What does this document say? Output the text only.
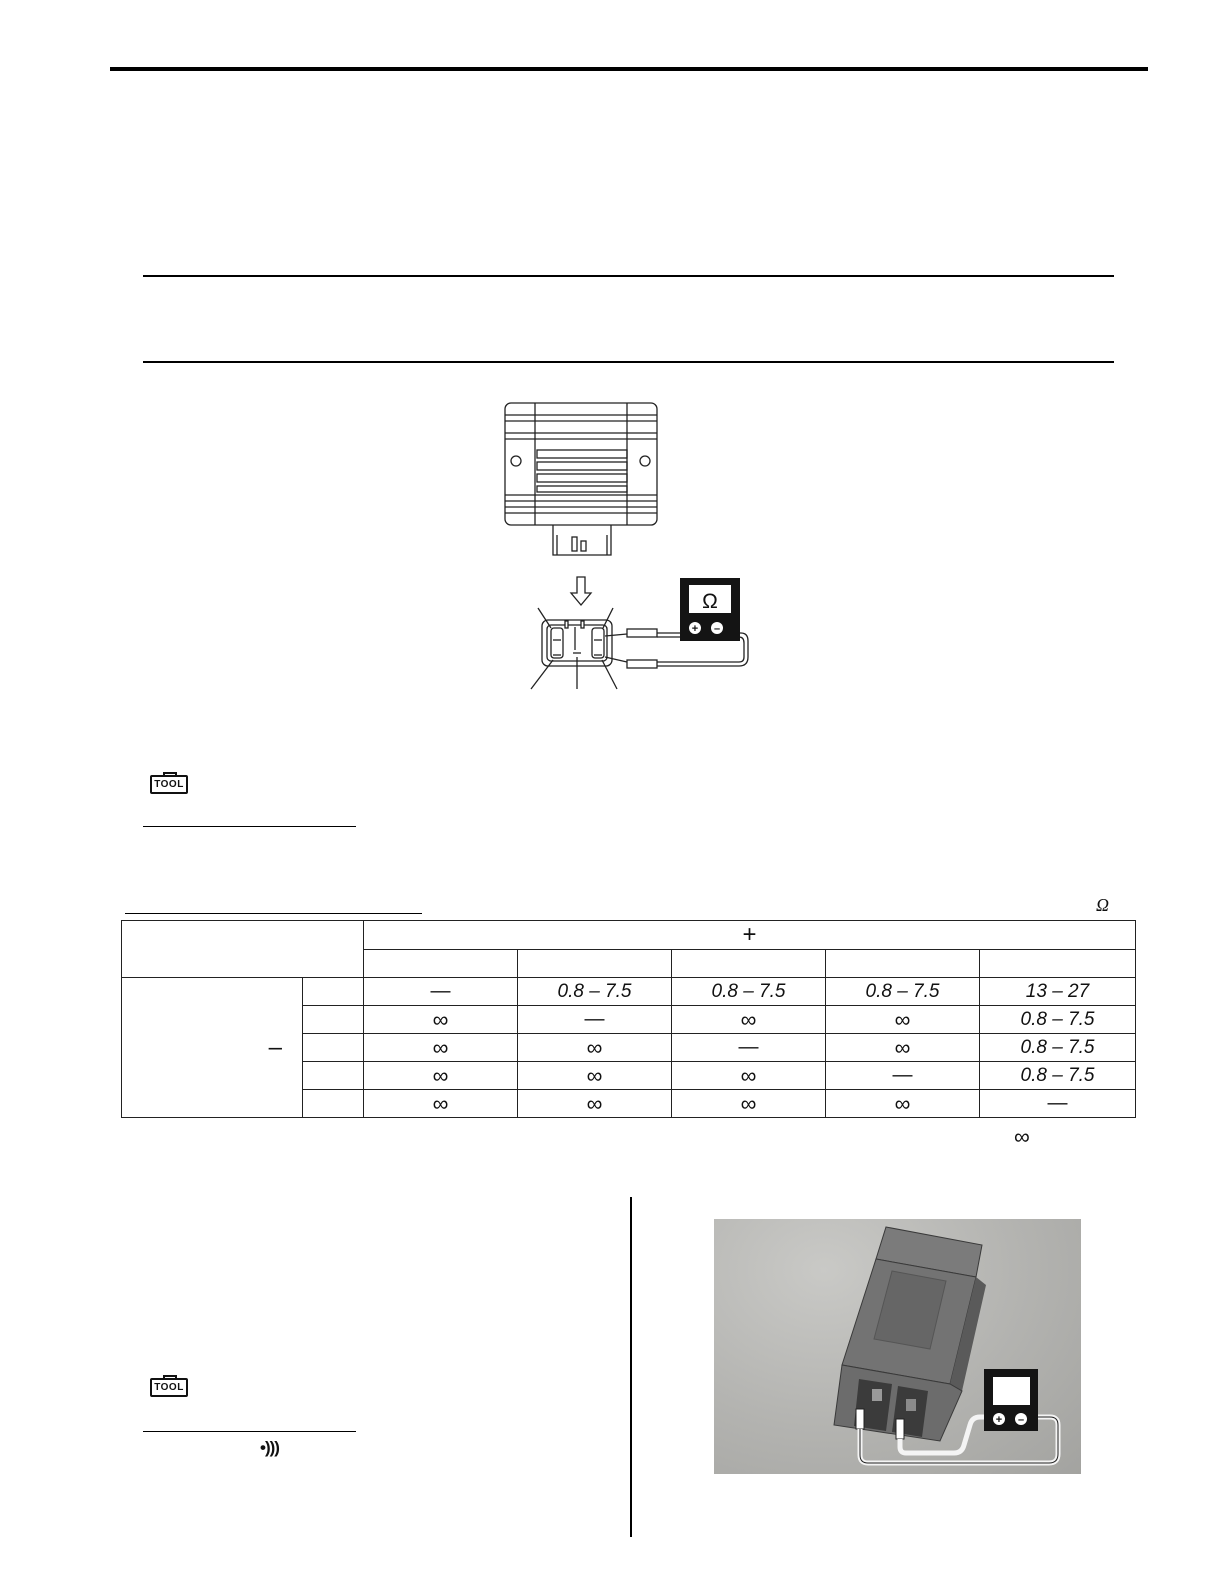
Ω
+ –
TOOL
Ω
		+				

–		—	0.8 – 7.5	0.8 – 7.5	0.8 – 7.5	13 – 27
		∞	—	∞	∞	0.8 – 7.5
		∞	∞	—	∞	0.8 – 7.5
		∞	∞	∞	—	0.8 – 7.5
		∞	∞	∞	∞	—
∞
TOOL
•)))
+ –
